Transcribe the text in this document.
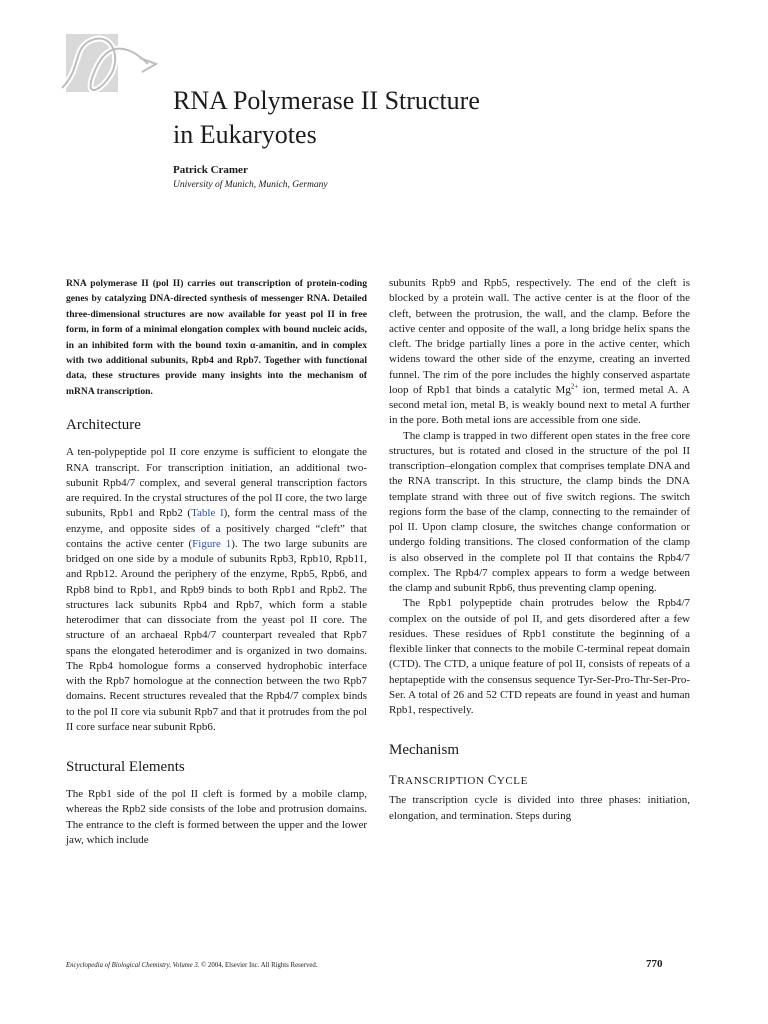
RNA Polymerase II Structure
in Eukaryotes
Patrick Cramer
University of Munich, Munich, Germany

RNA polymerase II (pol II) carries out transcription of protein-coding genes by catalyzing DNA-directed synthesis of messenger RNA. Detailed three-dimensional structures are now available for yeast pol II in free form, in form of a minimal elongation complex with bound nucleic acids, in an inhibited form with the bound toxin α-amanitin, and in complex with two additional subunits, Rpb4 and Rpb7. Together with functional data, these structures provide many insights into the mechanism of mRNA transcription.

Architecture

A ten-polypeptide pol II core enzyme is sufficient to elongate the RNA transcript. For transcription initiation, an additional two-subunit Rpb4/7 complex, and several general transcription factors are required. In the crystal structures of the pol II core, the two large subunits, Rpb1 and Rpb2 (Table I), form the central mass of the enzyme, and opposite sides of a positively charged “cleft” that contains the active center (Figure 1). The two large subunits are bridged on one side by a module of subunits Rpb3, Rpb10, Rpb11, and Rpb12. Around the periphery of the enzyme, Rpb5, Rpb6, and Rpb8 bind to Rpb1, and Rpb9 binds to both Rpb1 and Rpb2. The structures lack subunits Rpb4 and Rpb7, which form a stable heterodimer that can dissociate from the yeast pol II core. The structure of an archaeal Rpb4/7 counterpart revealed that Rpb7 spans the elongated heterodimer and is organized in two domains. The Rpb4 homologue forms a conserved hydrophobic interface with the Rpb7 homologue at the connection between the two Rpb7 domains. Recent structures revealed that the Rpb4/7 complex binds to the pol II core via subunit Rpb7 and that it protrudes from the pol II core surface near subunit Rpb6.

Structural Elements

The Rpb1 side of the pol II cleft is formed by a mobile clamp, whereas the Rpb2 side consists of the lobe and protrusion domains. The entrance to the cleft is formed between the upper and the lower jaw, which include

subunits Rpb9 and Rpb5, respectively. The end of the cleft is blocked by a protein wall. The active center is at the floor of the cleft, between the protrusion, the wall, and the clamp. Before the active center and opposite of the wall, a long bridge helix spans the cleft. The bridge partially lines a pore in the active center, which widens toward the other side of the enzyme, creating an inverted funnel. The rim of the pore includes the highly conserved aspartate loop of Rpb1 that binds a catalytic $Mg^{2+}$ ion, termed metal A. A second metal ion, metal B, is weakly bound next to metal A further in the pore. Both metal ions are accessible from one side.

The clamp is trapped in two different open states in the free core structures, but is rotated and closed in the structure of the pol II transcription–elongation complex that comprises template DNA and the RNA transcript. In this structure, the clamp binds the DNA template strand with three out of five switch regions. The switch regions form the base of the clamp, connecting to the remainder of pol II. Upon clamp closure, the switches change conformation or undergo folding transitions. The closed conformation of the clamp is also observed in the complete pol II that contains the Rpb4/7 complex. The Rpb4/7 complex appears to form a wedge between the clamp and subunit Rpb6, thus preventing clamp opening.

The Rpb1 polypeptide chain protrudes below the Rpb4/7 complex on the outside of pol II, and gets disordered after a few residues. These residues of Rpb1 constitute the beginning of a flexible linker that connects to the mobile C-terminal repeat domain (CTD). The CTD, a unique feature of pol II, consists of repeats of a heptapeptide with the consensus sequence Tyr-Ser-Pro-Thr-Ser-Pro-Ser. A total of 26 and 52 CTD repeats are found in yeast and human Rpb1, respectively.

Mechanism
TRANSCRIPTION CYCLE

The transcription cycle is divided into three phases: initiation, elongation, and termination. Steps during

Encyclopedia of Biological Chemistry, Volume 3. © 2004, Elsevier Inc. All Rights Reserved.	770
